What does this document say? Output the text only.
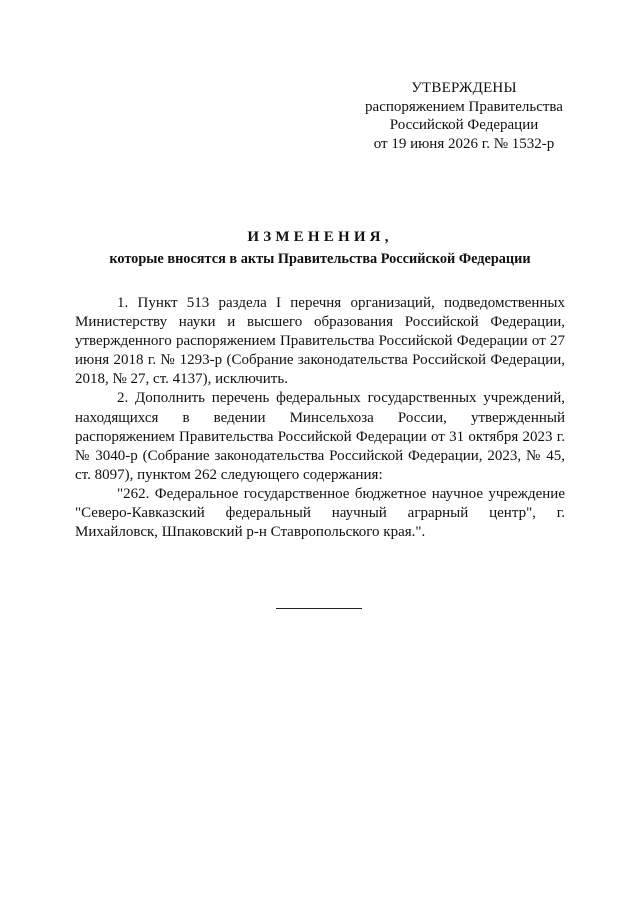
УТВЕРЖДЕНЫ
распоряжением Правительства
Российской Федерации
от 19 июня 2026 г. № 1532-р
ИЗМЕНЕНИЯ,
которые вносятся в акты Правительства Российской Федерации

1. Пункт 513 раздела I перечня организаций, подведомственных Министерству науки и высшего образования Российской Федерации, утвержденного распоряжением Правительства Российской Федерации от 27 июня 2018 г. № 1293-р (Собрание законодательства Российской Федерации, 2018, № 27, ст. 4137), исключить.

2. Дополнить перечень федеральных государственных учреждений, находящихся в ведении Минсельхоза России, утвержденный распоряжением Правительства Российской Федерации от 31 октября 2023 г. № 3040-р (Собрание законодательства Российской Федерации, 2023, № 45, ст. 8097), пунктом 262 следующего содержания:

"262. Федеральное государственное бюджетное научное учреждение "Северо-Кавказский федеральный научный аграрный центр", г. Михайловск, Шпаковский р-н Ставропольского края.".
